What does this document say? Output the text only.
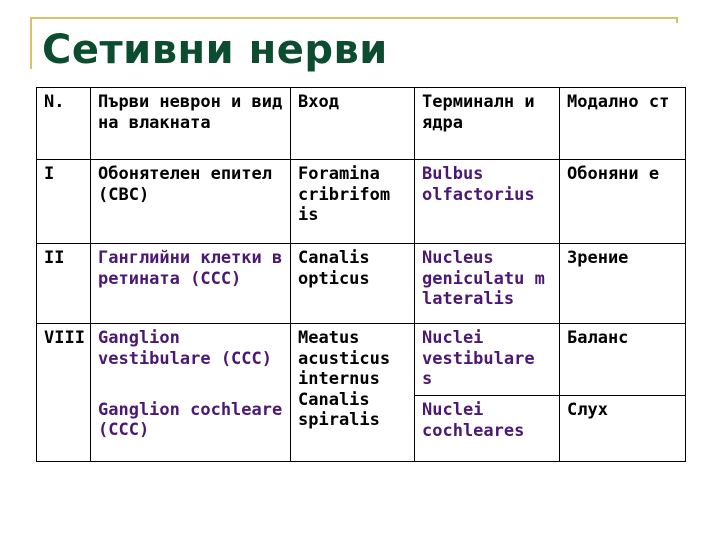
Сетивни нерви
N.	Първи неврон и вид на влакната	Вход	Терминалн и ядра	Модално ст
I	Обонятелен епител (СВС)	Foramina cribrifom is	Bulbus olfactorius	Обоняни е
II	Ганглийни клетки в ретината (ССС)	Canalis opticus	Nucleus geniculatu m lateralis	Зрение
VIII	Ganglion vestibulare (ССС)	Meatus acusticus internus Canalis spiralis	Nuclei vestibulare s	Баланс
	Ganglion cochleare (ССС)		Nuclei cochleares	Слух
